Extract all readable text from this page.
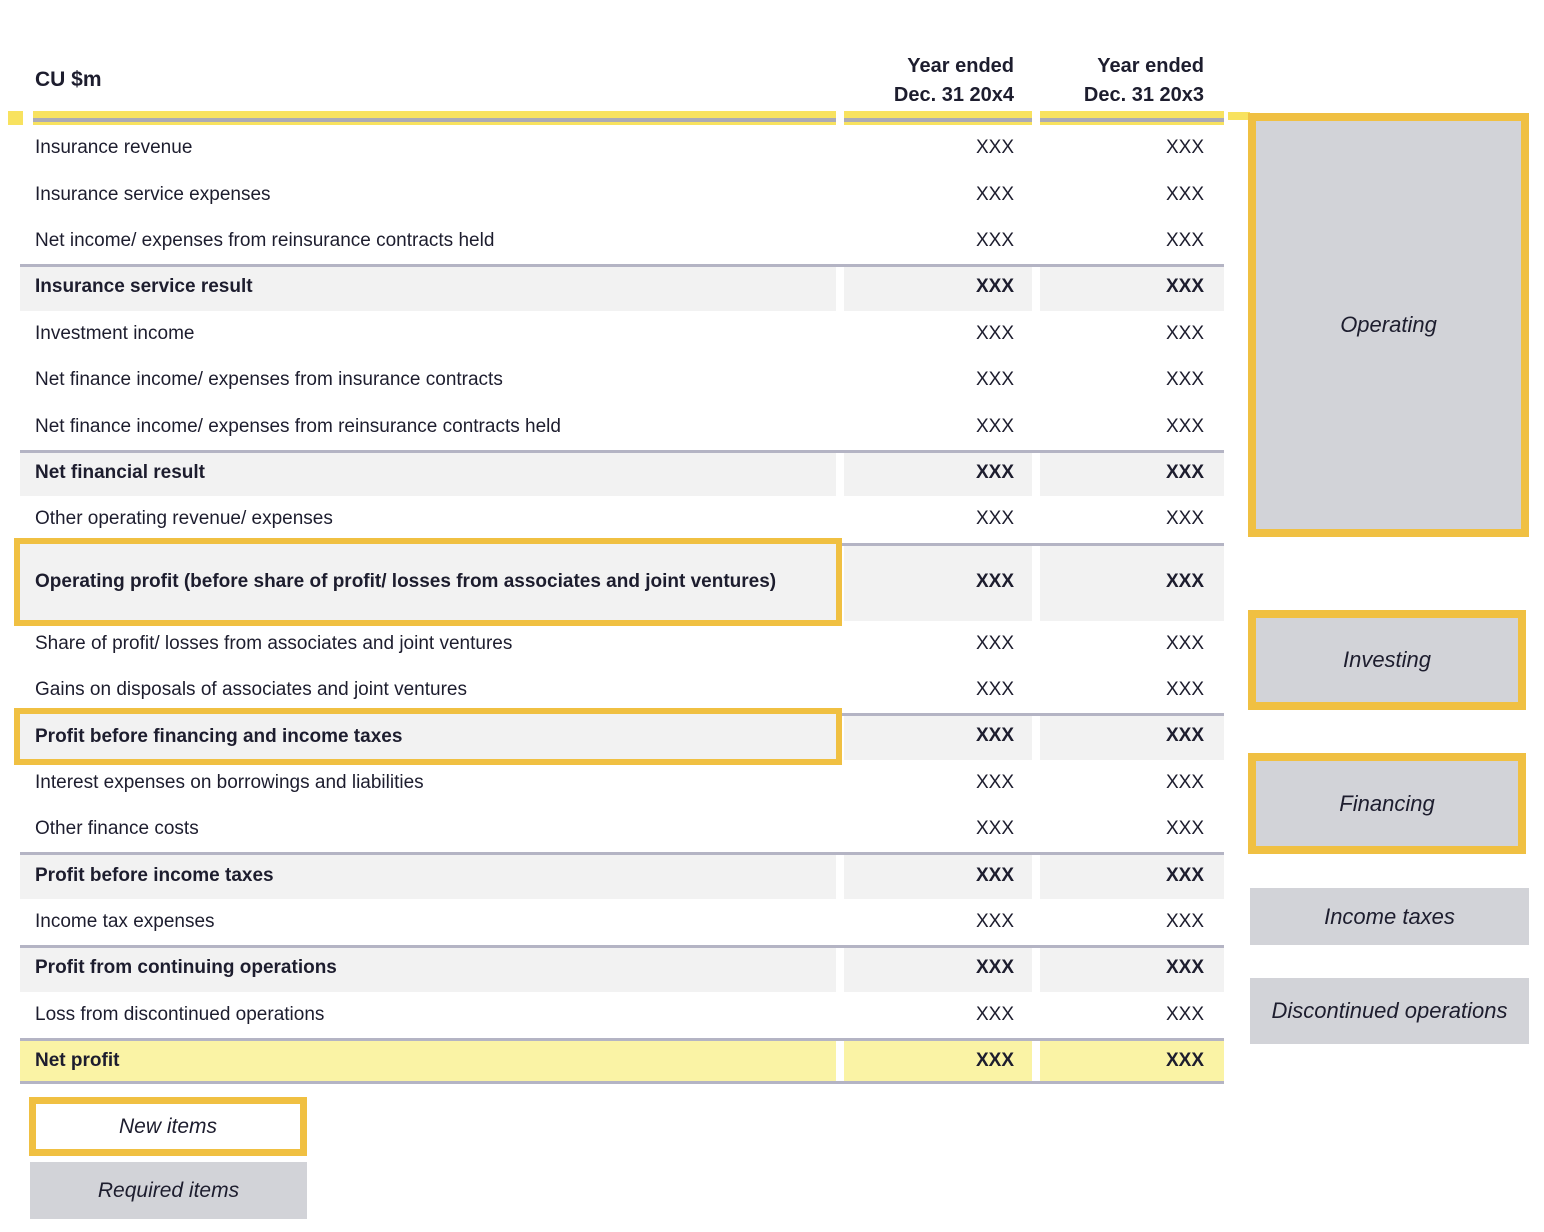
CU $m
Year ended
Dec. 31 20x4
Year ended
Dec. 31 20x3
Insurance revenue	XXX	XXX
Insurance service expenses	XXX	XXX
Net income/ expenses from reinsurance contracts held	XXX	XXX
Insurance service result	XXX	XXX
Investment income	XXX	XXX
Net finance income/ expenses from insurance contracts	XXX	XXX
Net finance income/ expenses from reinsurance contracts held	XXX	XXX
Net financial result	XXX	XXX
Other operating revenue/ expenses	XXX	XXX
Operating profit (before share of profit/ losses from associates and joint ventures)	XXX	XXX
Share of profit/ losses from associates and joint ventures	XXX	XXX
Gains on disposals of associates and joint ventures	XXX	XXX
Profit before financing and income taxes	XXX	XXX
Interest expenses on borrowings and liabilities	XXX	XXX
Other finance costs	XXX	XXX
Profit before income taxes	XXX	XXX
Income tax expenses	XXX	XXX
Profit from continuing operations	XXX	XXX
Loss from discontinued operations	XXX	XXX
Net profit	XXX	XXX
Operating
Investing
Financing
Income taxes
Discontinued operations
New items
Required items
